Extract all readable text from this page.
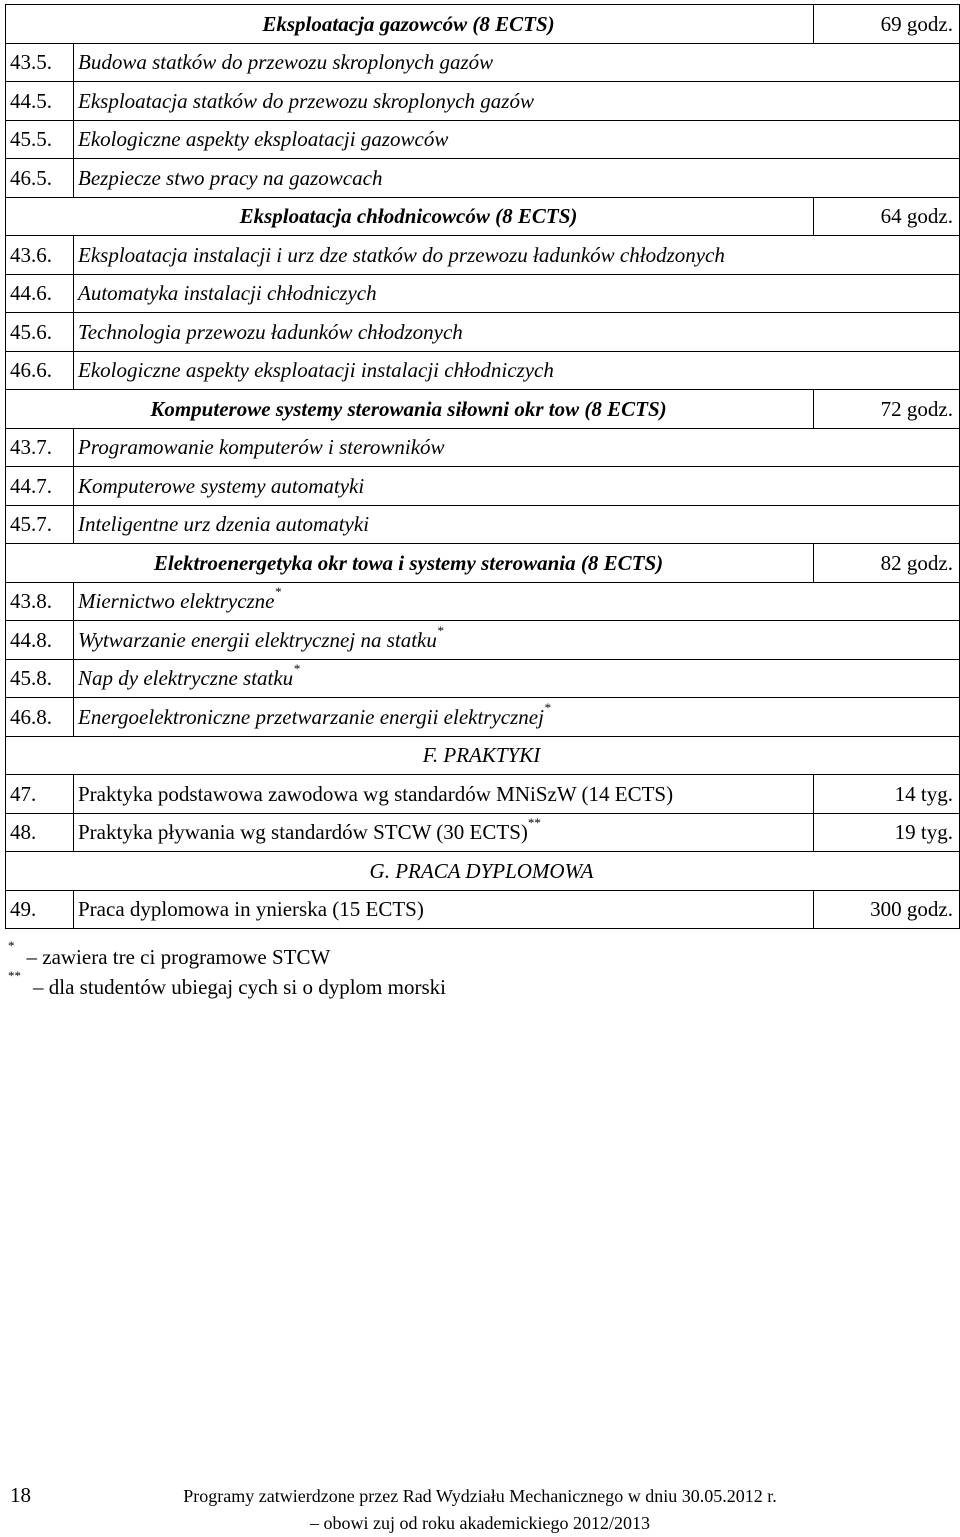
Eksploatacja gazowców (8 ECTS)		69 godz.
43.5.	Budowa statków do przewozu skroplonych gazów	
44.5.	Eksploatacja statków do przewozu skroplonych gazów	
45.5.	Ekologiczne aspekty eksploatacji gazowców	
46.5.	Bezpiecze stwo pracy na gazowcach	
Eksploatacja chłodnicowców (8 ECTS)		64 godz.
43.6.	Eksploatacja instalacji i urz dze statków do przewozu ładunków chłodzonych	
44.6.	Automatyka instalacji chłodniczych	
45.6.	Technologia przewozu ładunków chłodzonych	
46.6.	Ekologiczne aspekty eksploatacji instalacji chłodniczych	
Komputerowe systemy sterowania siłowni okr tow (8 ECTS)		72 godz.
43.7.	Programowanie komputerów i sterowników	
44.7.	Komputerowe systemy automatyki	
45.7.	Inteligentne urz dzenia automatyki	
Elektroenergetyka okr towa i systemy sterowania (8 ECTS)		82 godz.
43.8.	Miernictwo elektryczne*
44.8.	Wytwarzanie energii elektrycznej na statku*
45.8.	Nap dy elektryczne statku*
46.8.	Energoelektroniczne przetwarzanie energii elektrycznej*
F. PRAKTYKI		
47.	Praktyka podstawowa zawodowa wg standardów MNiSzW (14 ECTS)	14 tyg.
48.	Praktyka pływania wg standardów STCW (30 ECTS)**	19 tyg.
G. PRACA DYPLOMOWA		
49.	Praca dyplomowa in ynierska (15 ECTS)	300 godz.
* – zawiera tre ci programowe STCW
** – dla studentów ubiegaj cych si o dyplom morski
18	Programy zatwierdzone przez Rad Wydziału Mechanicznego w dniu 30.05.2012 r.
– obowi zuj od roku akademickiego 2012/2013
